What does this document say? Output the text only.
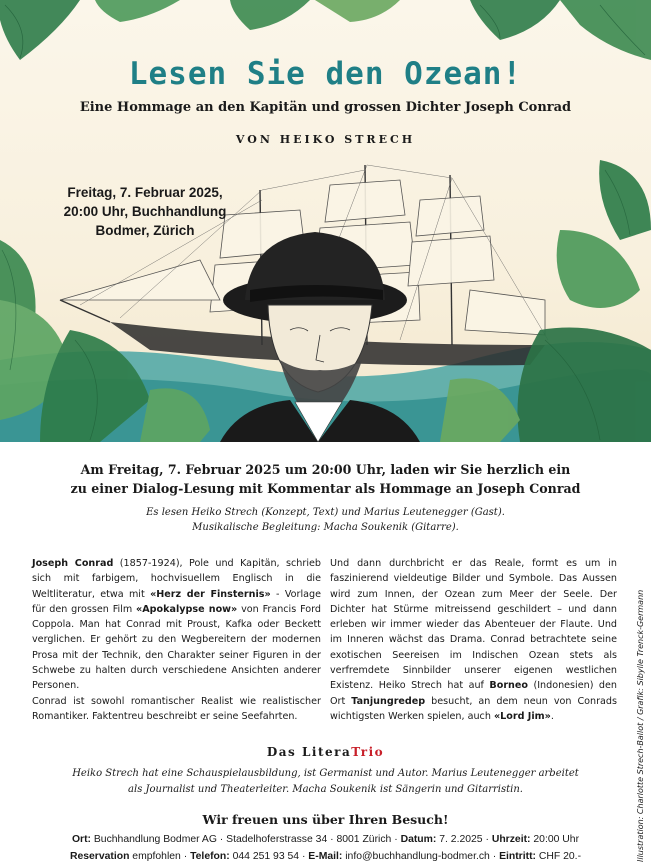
Lesen Sie den Ozean!
Eine Hommage an den Kapitän und grossen Dichter Joseph Conrad
VON HEIKO STRECH
Freitag, 7. Februar 2025,
20:00 Uhr, Buchhandlung
Bodmer, Zürich
Am Freitag, 7. Februar 2025 um 20:00 Uhr, laden wir Sie herzlich ein
zu einer Dialog-Lesung mit Kommentar als Hommage an Joseph Conrad
Es lesen Heiko Strech (Konzept, Text) und Marius Leutenegger (Gast).
Musikalische Begleitung: Macha Soukenik (Gitarre).

Joseph Conrad (1857-1924), Pole und Kapitän, schrieb sich mit farbigem, hochvisuellem Englisch in die Weltliteratur, etwa mit «Herz der Finsternis» - Vorlage für den grossen Film «Apokalypse now» von Francis Ford Coppola. Man hat Conrad mit Proust, Kafka oder Beckett verglichen. Er gehört zu den Wegbereitern der modernen Prosa mit der Technik, den Charakter seiner Figuren in der Schwebe zu halten durch verschiedene Ansichten anderer Personen.

Conrad ist sowohl romantischer Realist wie realistischer Romantiker. Faktentreu beschreibt er seine Seefahrten.

Und dann durchbricht er das Reale, formt es um in faszinierend vieldeutige Bilder und Symbole. Das Aussen wird zum Innen, der Ozean zum Meer der Seele. Der Dichter hat Stürme mitreissend geschildert – und dann erleben wir immer wieder das Abenteuer der Flaute. Und im Inneren wächst das Drama. Conrad betrachtete seine exotischen Seereisen im Indischen Ozean stets als verfremdete Sinnbilder unserer eigenen westlichen Existenz. Heiko Strech hat auf Borneo (Indonesien) den Ort Tanjungredep besucht, an dem neun von Conrads wichtigsten Werken spielen, auch «Lord Jim».

Das LiteraTrio
Heiko Strech hat eine Schauspielausbildung, ist Germanist und Autor. Marius Leutenegger arbeitet
als Journalist und Theaterleiter. Macha Soukenik ist Sängerin und Gitarristin.
Wir freuen uns über Ihren Besuch!
Ort: Buchhandlung Bodmer AG · Stadelhoferstrasse 34 · 8001 Zürich · Datum: 7. 2.2025 · Uhrzeit: 20:00 Uhr
Reservation empfohlen · Telefon: 044 251 93 54 · E-Mail: info@buchhandlung-bodmer.ch · Eintritt: CHF 20.-	Illustration: Charlotte Strech-Ballot / Grafik: Sibylle Trenck-Germann
